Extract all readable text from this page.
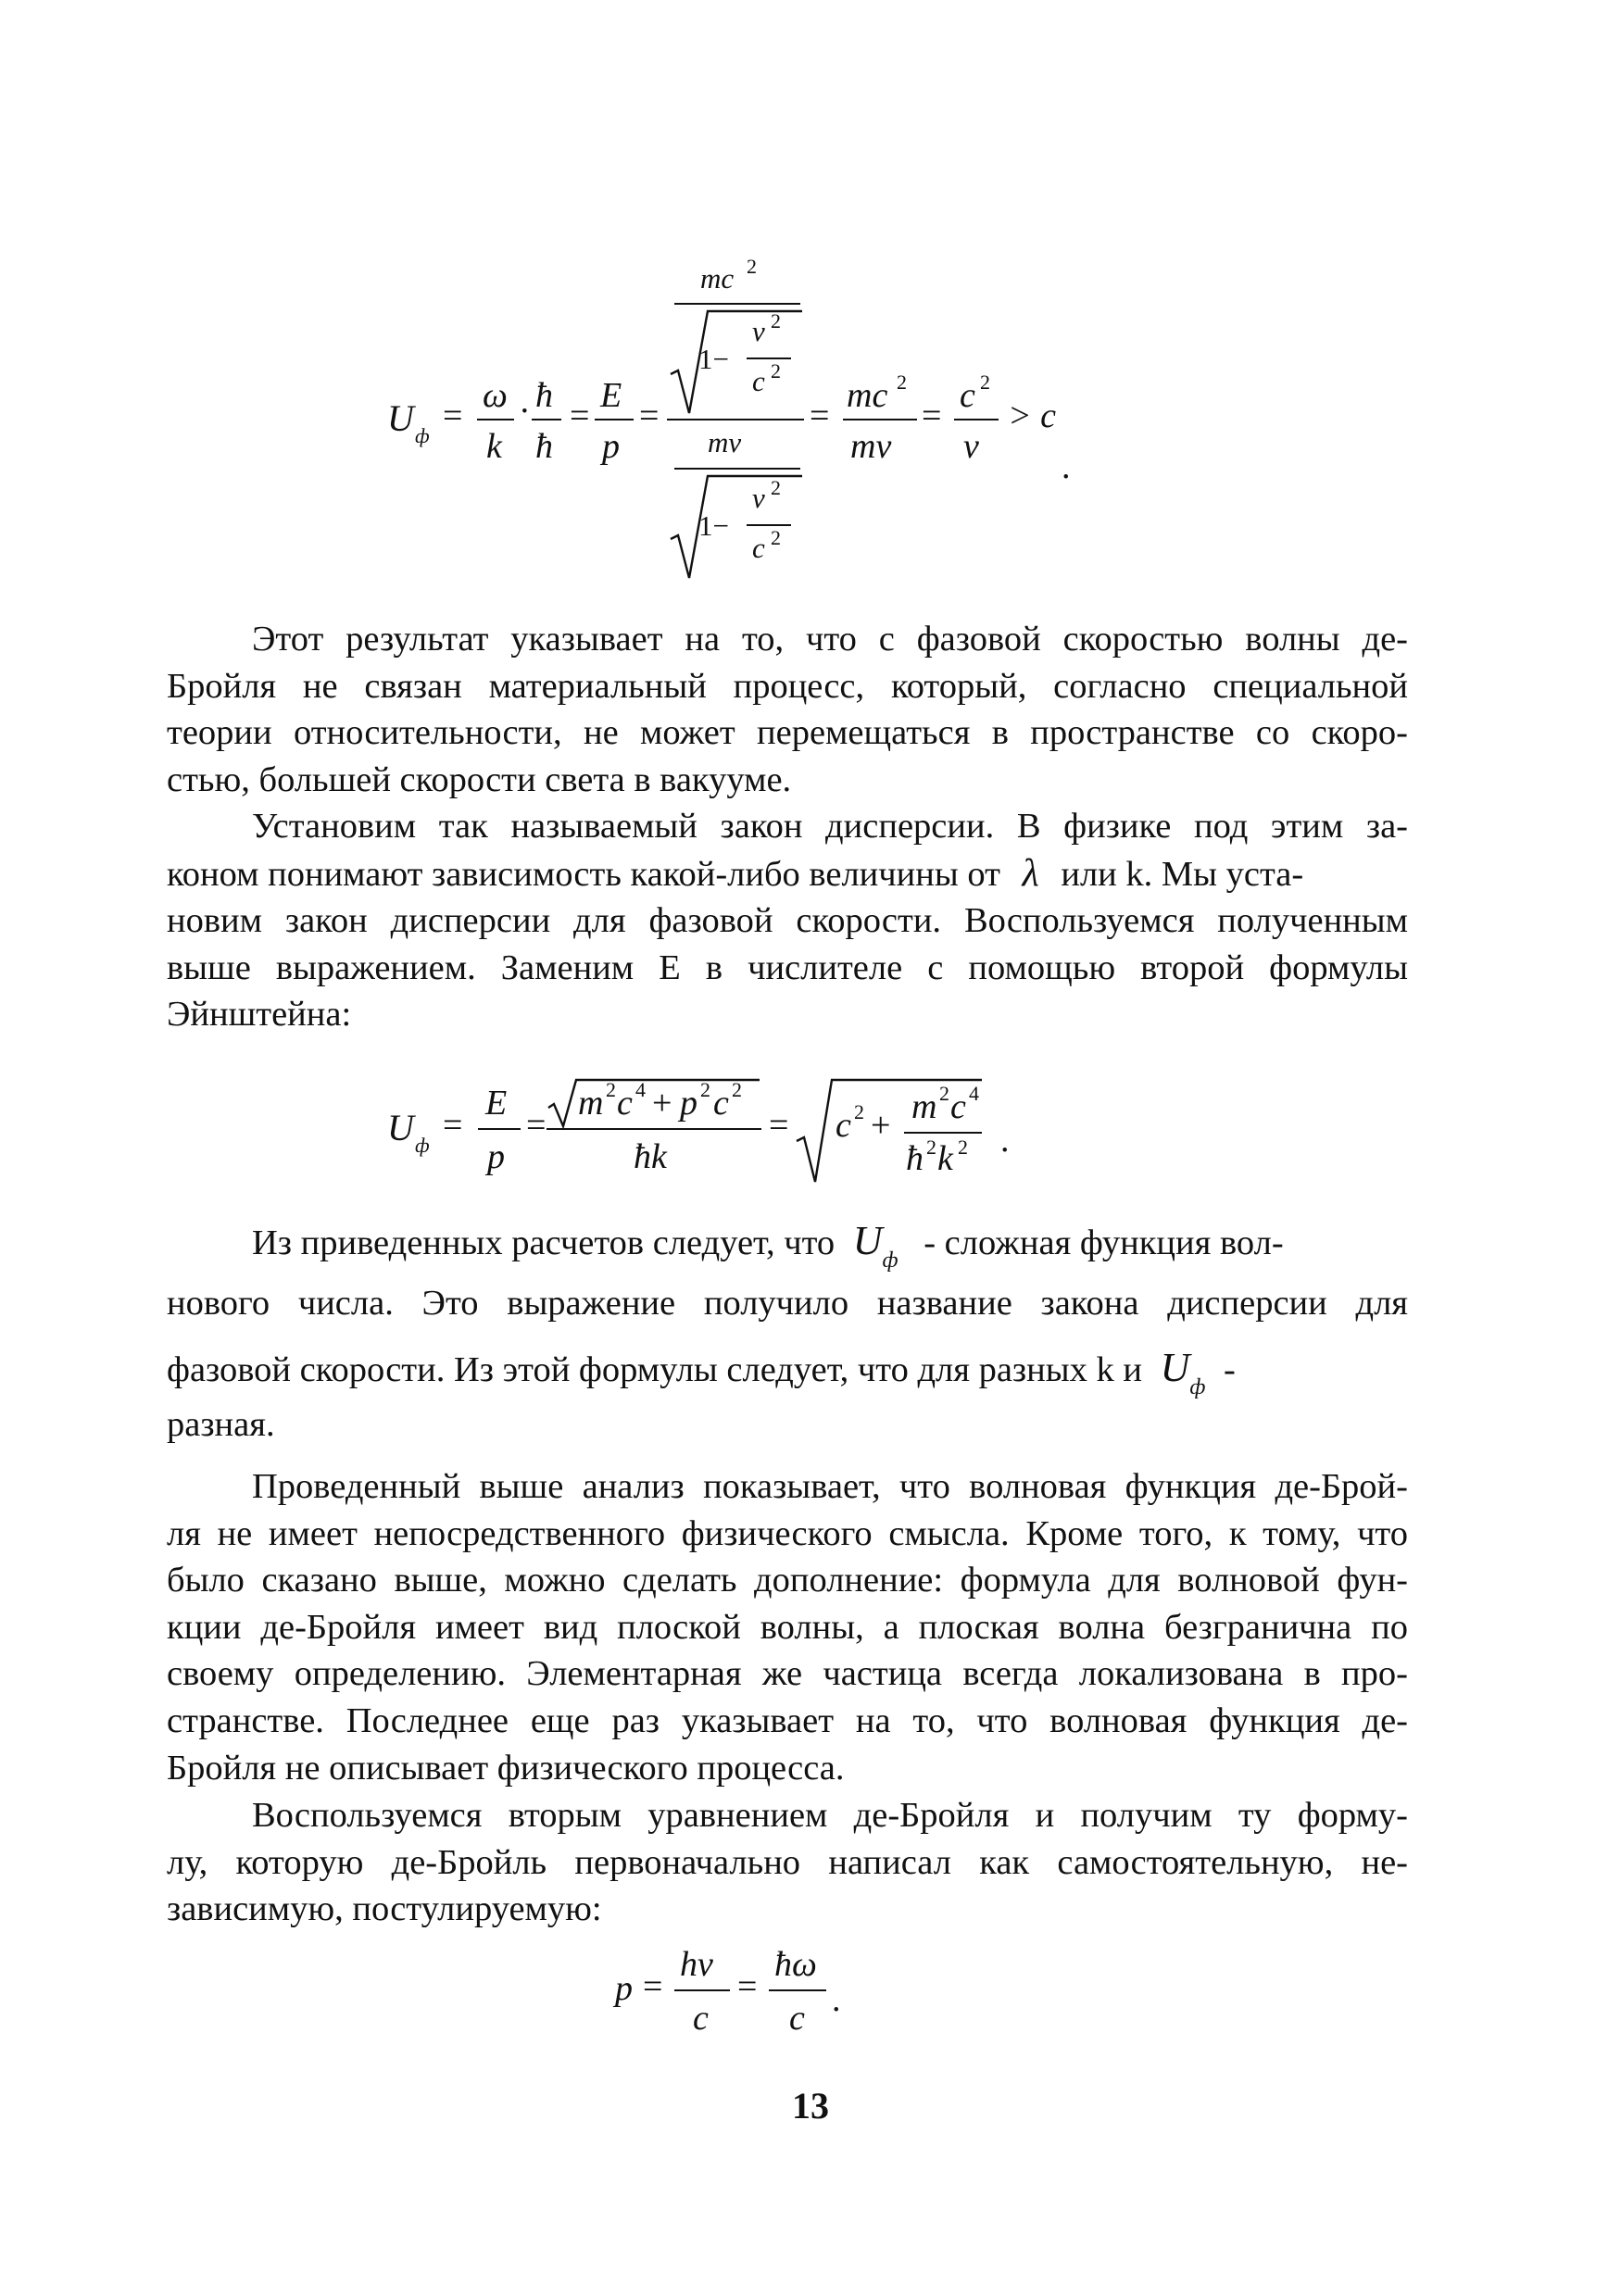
U ф
=
ω
k
· ħ
ħ
=
E
p
=
mc 2
1−
v 2
c 2
mv
1−
v 2
c 2
=
mc 2
mv
=
c 2
v
> c
.
Этот результат указывает на то, что с фазовой скоростью волны де-
Бройля не связан материальный процесс, который, согласно специальной
теории относительности, не может перемещаться в пространстве со скоро-
стью, большей скорости света в вакууме.
Установим так называемый закон дисперсии. В физике под этим за-
коном понимают зависимость какой-либо величины от λ или k. Мы уста-
новим закон дисперсии для фазовой скорости. Воспользуемся полученным
выше выражением. Заменим E в числителе с помощью второй формулы
Эйнштейна:
U ф
=
E
p
=
m 2 c 4 + p 2 c 2
ħk
= c 2 + m 2 c 4
ħ 2 k 2 .
Из приведенных расчетов следует, что $U_ф$ - сложная функция вол-
нового числа. Это выражение получило название закона дисперсии для
фазовой скорости. Из этой формулы следует, что для разных k и $U_ф$ -
разная.
Проведенный выше анализ показывает, что волновая функция де-Брой-
ля не имеет непосредственного физического смысла. Кроме того, к тому, что
было сказано выше, можно сделать дополнение: формула для волновой фун-
кции де-Бройля имеет вид плоской волны, а плоская волна безгранична по
своему определению. Элементарная же частица всегда локализована в про-
странстве. Последнее еще раз указывает на то, что волновая функция де-
Бройля не описывает физического процесса.
Воспользуемся вторым уравнением де-Бройля и получим ту форму-
лу, которую де-Бройль первоначально написал как самостоятельную, не-
зависимую, постулируемую:
p =
hν
c
=
ħω
c .
13
